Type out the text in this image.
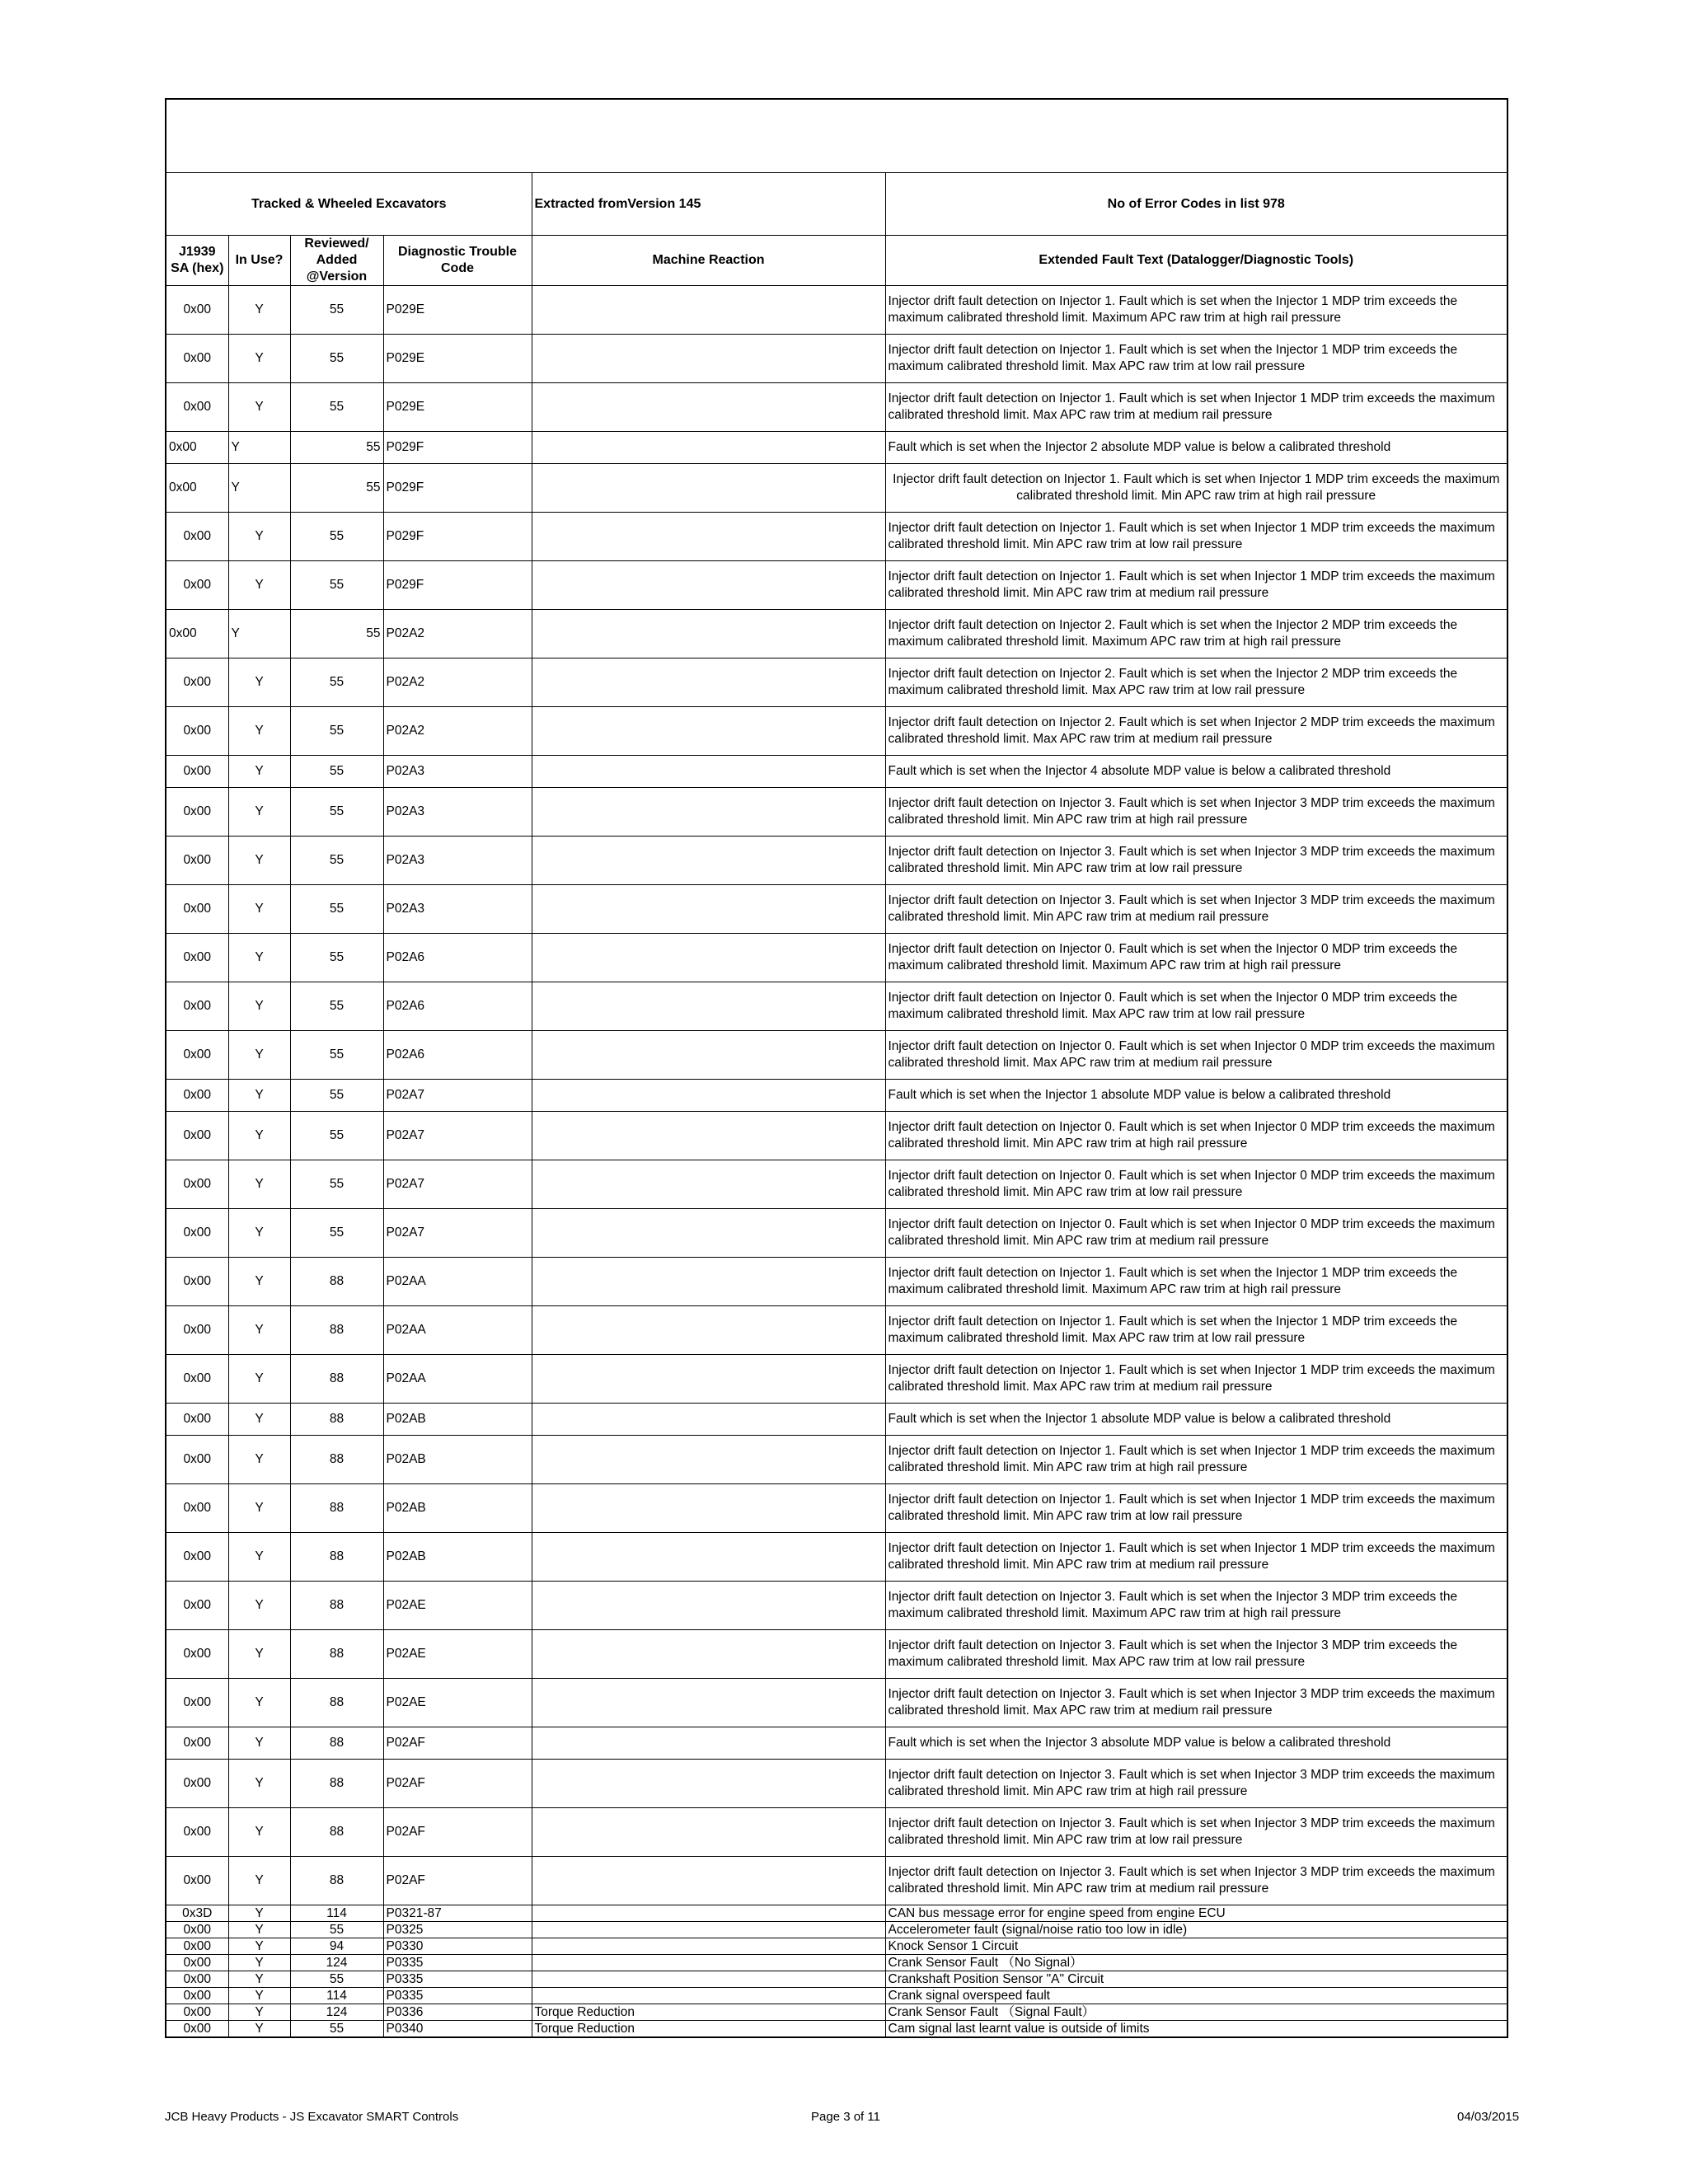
Tracked & Wheeled Excavators				Extracted fromVersion 145	No of Error Codes in list 978
J1939 SA (hex)	In Use?	Reviewed/ Added @Version	Diagnostic Trouble Code	Machine Reaction	Extended Fault Text (Datalogger/Diagnostic Tools)
0x00	Y	55	P029E		Injector drift fault detection on Injector 1. Fault which is set when the Injector 1 MDP trim exceeds the maximum calibrated threshold limit. Maximum APC raw trim at high rail pressure
0x00	Y	55	P029E		Injector drift fault detection on Injector 1. Fault which is set when the Injector 1 MDP trim exceeds the maximum calibrated threshold limit. Max APC raw trim at low rail pressure
0x00	Y	55	P029E		Injector drift fault detection on Injector 1. Fault which is set when Injector 1 MDP trim exceeds the maximum calibrated threshold limit. Max APC raw trim at medium rail pressure
0x00	Y	55	P029F		Fault which is set when the Injector 2 absolute MDP value is below a calibrated threshold
0x00	Y	55	P029F		Injector drift fault detection on Injector 1. Fault which is set when Injector 1 MDP trim exceeds the maximum calibrated threshold limit. Min APC raw trim at high rail pressure
0x00	Y	55	P029F		Injector drift fault detection on Injector 1. Fault which is set when Injector 1 MDP trim exceeds the maximum calibrated threshold limit. Min APC raw trim at low rail pressure
0x00	Y	55	P029F		Injector drift fault detection on Injector 1. Fault which is set when Injector 1 MDP trim exceeds the maximum calibrated threshold limit. Min APC raw trim at medium rail pressure
0x00	Y	55	P02A2		Injector drift fault detection on Injector 2. Fault which is set when the Injector 2 MDP trim exceeds the maximum calibrated threshold limit. Maximum APC raw trim at high rail pressure
0x00	Y	55	P02A2		Injector drift fault detection on Injector 2. Fault which is set when the Injector 2 MDP trim exceeds the maximum calibrated threshold limit. Max APC raw trim at low rail pressure
0x00	Y	55	P02A2		Injector drift fault detection on Injector 2. Fault which is set when Injector 2 MDP trim exceeds the maximum calibrated threshold limit. Max APC raw trim at medium rail pressure
0x00	Y	55	P02A3		Fault which is set when the Injector 4 absolute MDP value is below a calibrated threshold
0x00	Y	55	P02A3		Injector drift fault detection on Injector 3. Fault which is set when Injector 3 MDP trim exceeds the maximum calibrated threshold limit. Min APC raw trim at high rail pressure
0x00	Y	55	P02A3		Injector drift fault detection on Injector 3. Fault which is set when Injector 3 MDP trim exceeds the maximum calibrated threshold limit. Min APC raw trim at low rail pressure
0x00	Y	55	P02A3		Injector drift fault detection on Injector 3. Fault which is set when Injector 3 MDP trim exceeds the maximum calibrated threshold limit. Min APC raw trim at medium rail pressure
0x00	Y	55	P02A6		Injector drift fault detection on Injector 0. Fault which is set when the Injector 0 MDP trim exceeds the maximum calibrated threshold limit. Maximum APC raw trim at high rail pressure
0x00	Y	55	P02A6		Injector drift fault detection on Injector 0. Fault which is set when the Injector 0 MDP trim exceeds the maximum calibrated threshold limit. Max APC raw trim at low rail pressure
0x00	Y	55	P02A6		Injector drift fault detection on Injector 0. Fault which is set when Injector 0 MDP trim exceeds the maximum calibrated threshold limit. Max APC raw trim at medium rail pressure
0x00	Y	55	P02A7		Fault which is set when the Injector 1 absolute MDP value is below a calibrated threshold
0x00	Y	55	P02A7		Injector drift fault detection on Injector 0. Fault which is set when Injector 0 MDP trim exceeds the maximum calibrated threshold limit. Min APC raw trim at high rail pressure
0x00	Y	55	P02A7		Injector drift fault detection on Injector 0. Fault which is set when Injector 0 MDP trim exceeds the maximum calibrated threshold limit. Min APC raw trim at low rail pressure
0x00	Y	55	P02A7		Injector drift fault detection on Injector 0. Fault which is set when Injector 0 MDP trim exceeds the maximum calibrated threshold limit. Min APC raw trim at medium rail pressure
0x00	Y	88	P02AA		Injector drift fault detection on Injector 1. Fault which is set when the Injector 1 MDP trim exceeds the maximum calibrated threshold limit. Maximum APC raw trim at high rail pressure
0x00	Y	88	P02AA		Injector drift fault detection on Injector 1. Fault which is set when the Injector 1 MDP trim exceeds the maximum calibrated threshold limit. Max APC raw trim at low rail pressure
0x00	Y	88	P02AA		Injector drift fault detection on Injector 1. Fault which is set when Injector 1 MDP trim exceeds the maximum calibrated threshold limit. Max APC raw trim at medium rail pressure
0x00	Y	88	P02AB		Fault which is set when the Injector 1 absolute MDP value is below a calibrated threshold
0x00	Y	88	P02AB		Injector drift fault detection on Injector 1. Fault which is set when Injector 1 MDP trim exceeds the maximum calibrated threshold limit. Min APC raw trim at high rail pressure
0x00	Y	88	P02AB		Injector drift fault detection on Injector 1. Fault which is set when Injector 1 MDP trim exceeds the maximum calibrated threshold limit. Min APC raw trim at low rail pressure
0x00	Y	88	P02AB		Injector drift fault detection on Injector 1. Fault which is set when Injector 1 MDP trim exceeds the maximum calibrated threshold limit. Min APC raw trim at medium rail pressure
0x00	Y	88	P02AE		Injector drift fault detection on Injector 3. Fault which is set when the Injector 3 MDP trim exceeds the maximum calibrated threshold limit. Maximum APC raw trim at high rail pressure
0x00	Y	88	P02AE		Injector drift fault detection on Injector 3. Fault which is set when the Injector 3 MDP trim exceeds the maximum calibrated threshold limit. Max APC raw trim at low rail pressure
0x00	Y	88	P02AE		Injector drift fault detection on Injector 3. Fault which is set when Injector 3 MDP trim exceeds the maximum calibrated threshold limit. Max APC raw trim at medium rail pressure
0x00	Y	88	P02AF		Fault which is set when the Injector 3 absolute MDP value is below a calibrated threshold
0x00	Y	88	P02AF		Injector drift fault detection on Injector 3. Fault which is set when Injector 3 MDP trim exceeds the maximum calibrated threshold limit. Min APC raw trim at high rail pressure
0x00	Y	88	P02AF		Injector drift fault detection on Injector 3. Fault which is set when Injector 3 MDP trim exceeds the maximum calibrated threshold limit. Min APC raw trim at low rail pressure
0x00	Y	88	P02AF		Injector drift fault detection on Injector 3. Fault which is set when Injector 3 MDP trim exceeds the maximum calibrated threshold limit. Min APC raw trim at medium rail pressure
0x3D	Y	114	P0321-87		CAN bus message error for engine speed from engine ECU
0x00	Y	55	P0325		Accelerometer fault (signal/noise ratio too low in idle)
0x00	Y	94	P0330		Knock Sensor 1 Circuit
0x00	Y	124	P0335		Crank Sensor Fault （No Signal）
0x00	Y	55	P0335		Crankshaft Position Sensor "A" Circuit
0x00	Y	114	P0335		Crank signal overspeed fault
0x00	Y	124	P0336	Torque Reduction	Crank Sensor Fault （Signal Fault）
0x00	Y	55	P0340	Torque Reduction	Cam signal last learnt value is outside of limits
JCB Heavy Products - JS Excavator SMART Controls	Page 3 of 11	04/03/2015
